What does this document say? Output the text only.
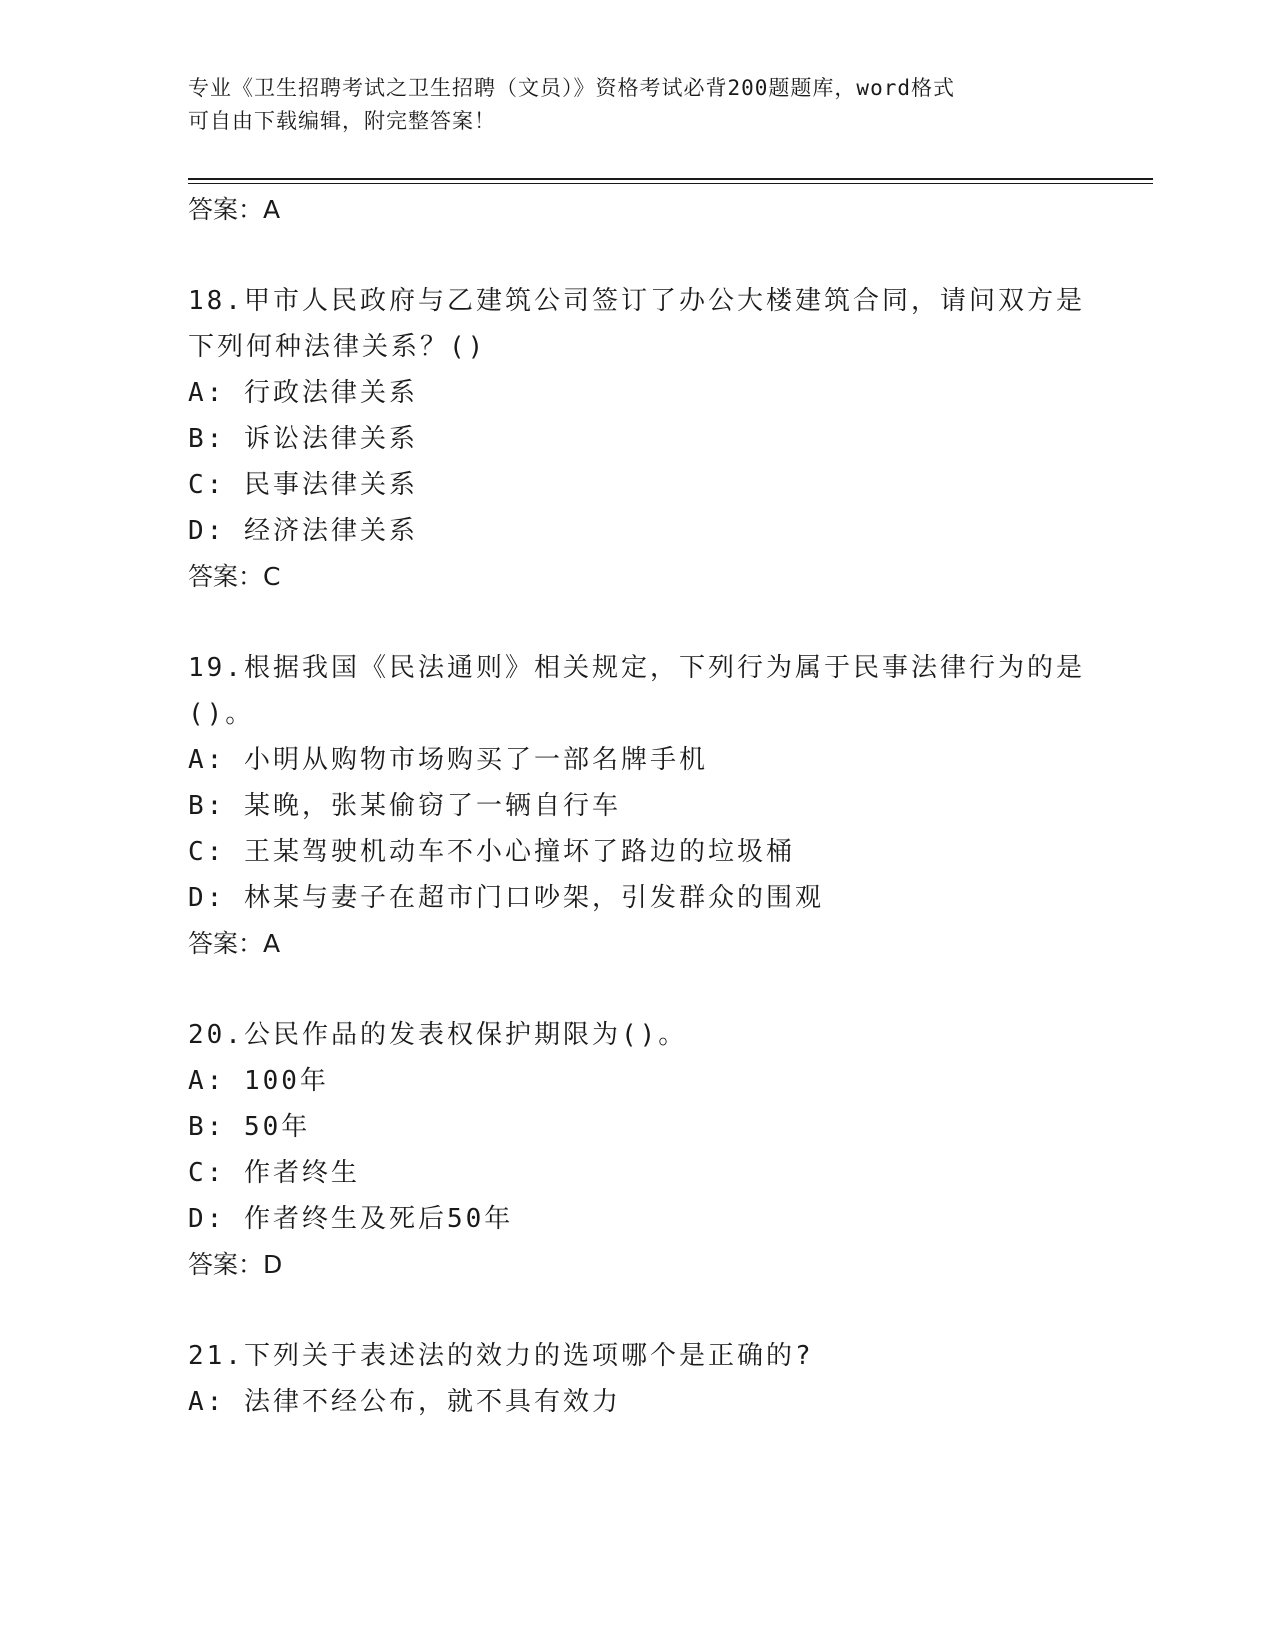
专业《卫生招聘考试之卫生招聘（文员）》资格考试必背200题题库，word格式
可自由下载编辑，附完整答案！
答案：A
18.甲市人民政府与乙建筑公司签订了办公大楼建筑合同，请问双方是
下列何种法律关系？()
A: 行政法律关系
B: 诉讼法律关系
C: 民事法律关系
D: 经济法律关系
答案：C
19.根据我国《民法通则》相关规定，下列行为属于民事法律行为的是
()。
A: 小明从购物市场购买了一部名牌手机
B: 某晚，张某偷窃了一辆自行车
C: 王某驾驶机动车不小心撞坏了路边的垃圾桶
D: 林某与妻子在超市门口吵架，引发群众的围观
答案：A
20.公民作品的发表权保护期限为()。
A: 100年
B: 50年
C: 作者终生
D: 作者终生及死后50年
答案：D
21.下列关于表述法的效力的选项哪个是正确的?
A: 法律不经公布，就不具有效力
